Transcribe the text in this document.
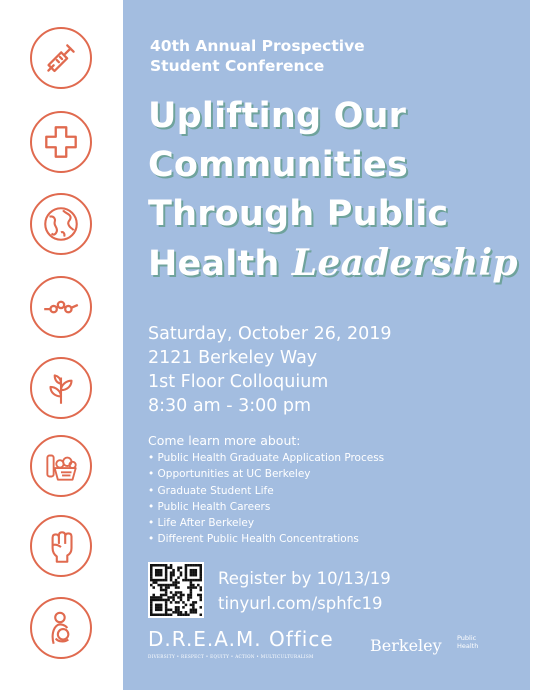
40th Annual Prospective
Student Conference
Uplifting Our
Communities
Through Public
Health Leadership
Saturday, October 26, 2019
2121 Berkeley Way
1st Floor Colloquium
8:30 am - 3:00 pm
Come learn more about:
• Public Health Graduate Application Process
• Opportunities at UC Berkeley
• Graduate Student Life
• Public Health Careers
• Life After Berkeley
• Different Public Health Concentrations
Register by 10/13/19
tinyurl.com/sphfc19
D.R.E.A.M. Office
DIVERSITY • RESPECT • EQUITY • ACTION • MULTICULTURALISM
Berkeley Public
Health
